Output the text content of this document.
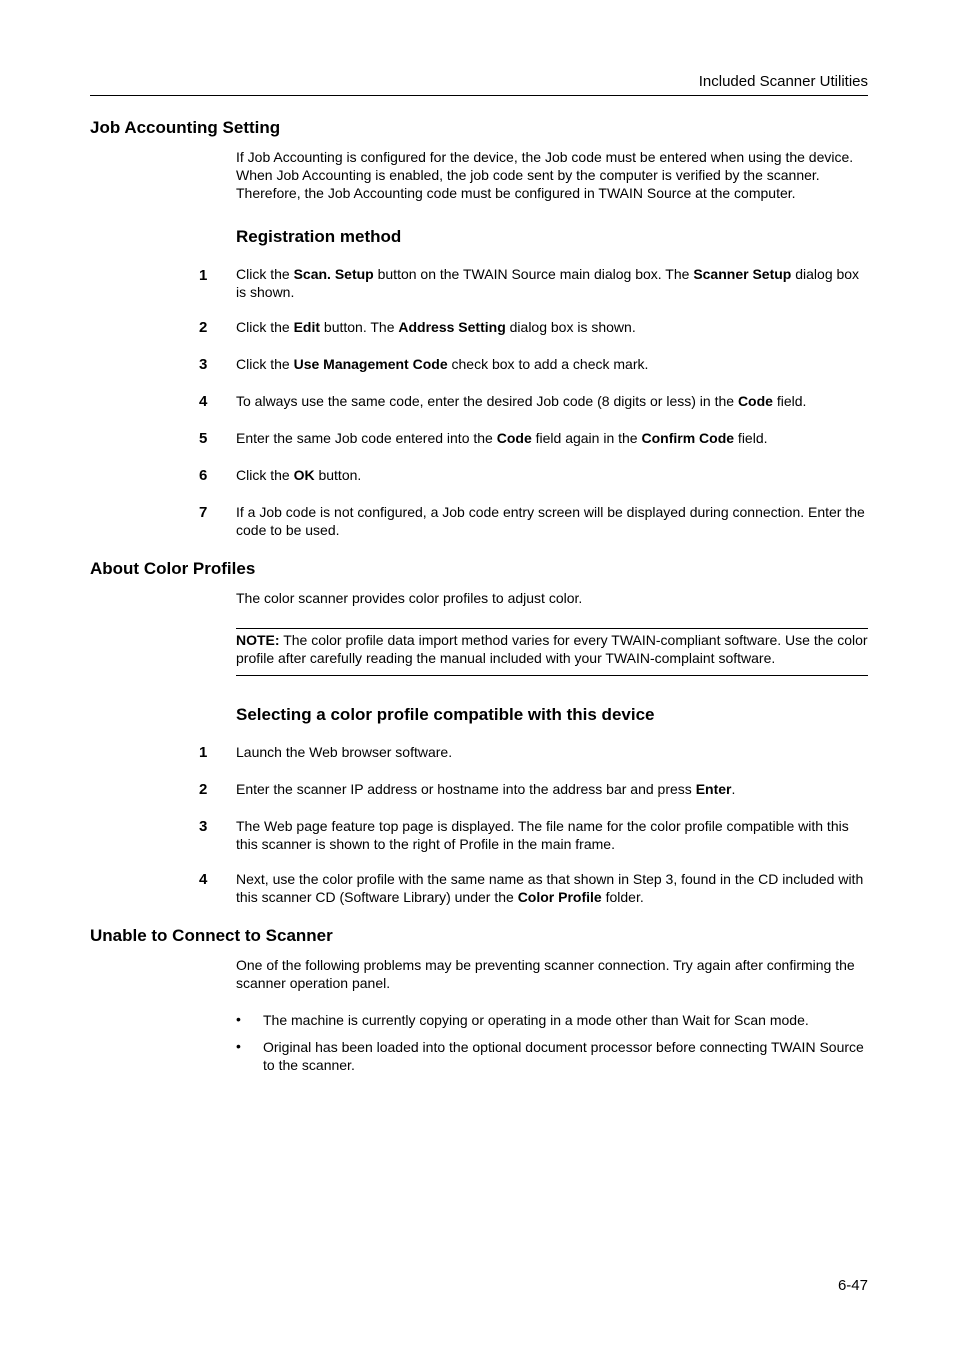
Included Scanner Utilities
Job Accounting Setting
If Job Accounting is configured for the device, the Job code must be entered when using the device. When Job Accounting is enabled, the job code sent by the computer is verified by the scanner. Therefore, the Job Accounting code must be configured in TWAIN Source at the computer.
Registration method
1 Click the Scan. Setup button on the TWAIN Source main dialog box. The Scanner Setup dialog box is shown.
2 Click the Edit button. The Address Setting dialog box is shown.
3 Click the Use Management Code check box to add a check mark.
4 To always use the same code, enter the desired Job code (8 digits or less) in the Code field.
5 Enter the same Job code entered into the Code field again in the Confirm Code field.
6 Click the OK button.
7 If a Job code is not configured, a Job code entry screen will be displayed during connection. Enter the code to be used.
About Color Profiles
The color scanner provides color profiles to adjust color.
NOTE: The color profile data import method varies for every TWAIN-compliant software. Use the color profile after carefully reading the manual included with your TWAIN-complaint software.
Selecting a color profile compatible with this device
1 Launch the Web browser software.
2 Enter the scanner IP address or hostname into the address bar and press Enter.
3 The Web page feature top page is displayed. The file name for the color profile compatible with this this scanner is shown to the right of Profile in the main frame.
4 Next, use the color profile with the same name as that shown in Step 3, found in the CD included with this scanner CD (Software Library) under the Color Profile folder.
Unable to Connect to Scanner
One of the following problems may be preventing scanner connection. Try again after confirming the scanner operation panel.
• The machine is currently copying or operating in a mode other than Wait for Scan mode.
• Original has been loaded into the optional document processor before connecting TWAIN Source to the scanner.
6-47
